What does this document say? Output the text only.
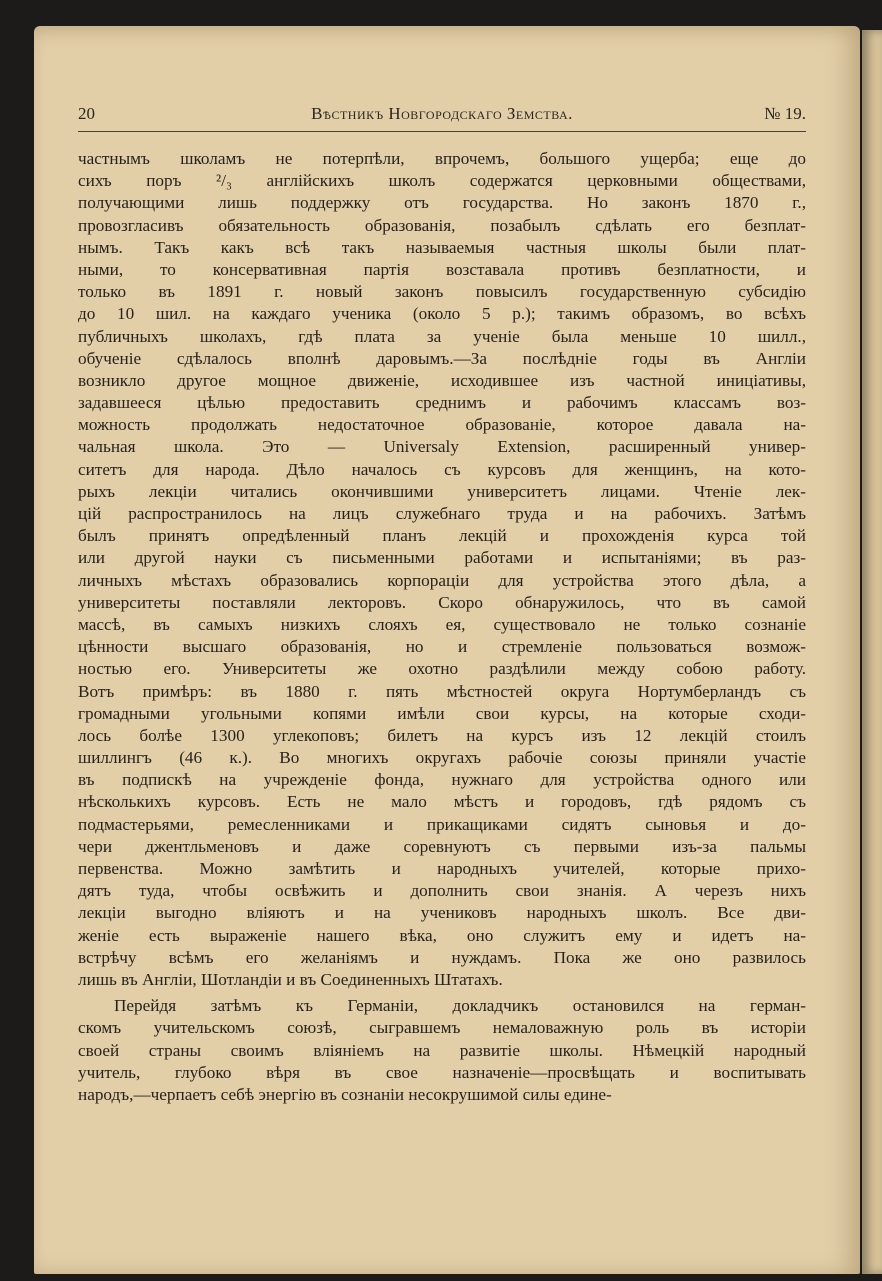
20	Вѣстникъ Новгородскаго Земства.	№ 19.
частнымъ школамъ не потерпѣли, впрочемъ, большого ущерба; еще до
сихъ поръ ²/₃ англійскихъ школъ содержатся церковными обществами,
получающими лишь поддержку отъ государства. Но законъ 1870 г.,
провозгласивъ обязательность образованія, позабылъ сдѣлать его безплат-
нымъ. Такъ какъ всѣ такъ называемыя частныя школы были плат-
ными, то консервативная партія возставала противъ безплатности, и
только въ 1891 г. новый законъ повысилъ государственную субсидію
до 10 шил. на каждаго ученика (около 5 р.); такимъ образомъ, во всѣхъ
публичныхъ школахъ, гдѣ плата за ученіе была меньше 10 шилл.,
обученіе сдѣлалось вполнѣ даровымъ.—За послѣдніе годы въ Англіи
возникло другое мощное движеніе, исходившее изъ частной иниціативы,
задавшееся цѣлью предоставить среднимъ и рабочимъ классамъ воз-
можность продолжать недостаточное образованіе, которое давала на-
чальная школа. Это — Universaly Extension, расширенный универ-
ситетъ для народа. Дѣло началось съ курсовъ для женщинъ, на кото-
рыхъ лекціи читались окончившими университетъ лицами. Чтеніе лек-
цій распространилось на лицъ служебнаго труда и на рабочихъ. Затѣмъ
былъ принятъ опредѣленный планъ лекцій и прохожденія курса той
или другой науки съ письменными работами и испытаніями; въ раз-
личныхъ мѣстахъ образовались корпораціи для устройства этого дѣла, а
университеты поставляли лекторовъ. Скоро обнаружилось, что въ самой
массѣ, въ самыхъ низкихъ слояхъ ея, существовало не только сознаніе
цѣнности высшаго образованія, но и стремленіе пользоваться возмож-
ностью его. Университеты же охотно раздѣлили между собою работу.
Вотъ примѣръ: въ 1880 г. пять мѣстностей округа Нортумберландъ съ
громадными угольными копями имѣли свои курсы, на которые сходи-
лось болѣе 1300 углекоповъ; билетъ на курсъ изъ 12 лекцій стоилъ
шиллингъ (46 к.). Во многихъ округахъ рабочіе союзы приняли участіе
въ подпискѣ на учрежденіе фонда, нужнаго для устройства одного или
нѣсколькихъ курсовъ. Есть не мало мѣстъ и городовъ, гдѣ рядомъ съ
подмастерьями, ремесленниками и прикащиками сидятъ сыновья и до-
чери джентльменовъ и даже соревнуютъ съ первыми изъ-за пальмы
первенства. Можно замѣтить и народныхъ учителей, которые прихо-
дятъ туда, чтобы освѣжить и дополнить свои знанія. А черезъ нихъ
лекціи выгодно вліяютъ и на учениковъ народныхъ школъ. Все дви-
женіе есть выраженіе нашего вѣка, оно служитъ ему и идетъ на-
встрѣчу всѣмъ его желаніямъ и нуждамъ. Пока же оно развилось
лишь въ Англіи, Шотландіи и въ Соединенныхъ Штатахъ.
Перейдя затѣмъ къ Германіи, докладчикъ остановился на герман-
скомъ учительскомъ союзѣ, сыгравшемъ немаловажную роль въ исторіи
своей страны своимъ вліяніемъ на развитіе школы. Нѣмецкій народный
учитель, глубоко вѣря въ свое назначеніе—просвѣщать и воспитывать
народъ,—черпаетъ себѣ энергію въ сознаніи несокрушимой силы едине-
